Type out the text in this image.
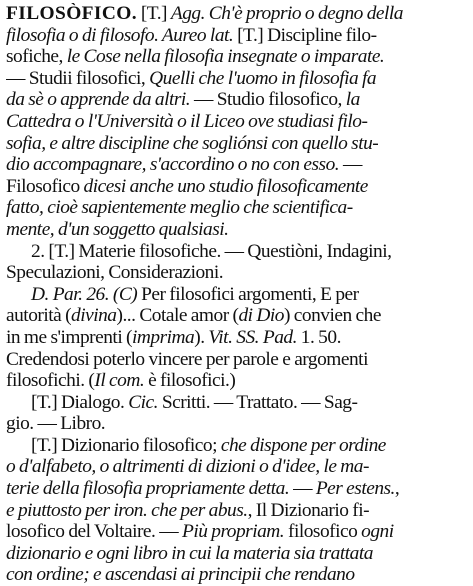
FILOSÒFICO. [T.] Agg. Ch'è proprio o degno della
filosofia o di filosofo. Aureo lat. [T.] Discipline filo-
sofiche, le Cose nella filosofia insegnate o imparate.
— Studii filosofici, Quelli che l'uomo in filosofia fa
da sè o apprende da altri. — Studio filosofico, la
Cattedra o l'Università o il Liceo ove studiasi filo-
sofia, e altre discipline che sogliónsi con quello stu-
dio accompagnare, s'accordino o no con esso. —
Filosofico dicesi anche uno studio filosoficamente
fatto, cioè sapientemente meglio che scientifica-
mente, d'un soggetto qualsiasi.
2. [T.] Materie filosofiche. — Questiòni, Indagini,
Speculazioni, Considerazioni.
D. Par. 26. (C) Per filosofici argomenti, E per
autorità (divina)... Cotale amor (di Dio) convien che
in me s'imprenti (imprima). Vit. SS. Pad. 1. 50.
Credendosi poterlo vincere per parole e argomenti
filosofichi. (Il com. è filosofici.)
[T.] Dialogo. Cic. Scritti. — Trattato. — Sag-
gio. — Libro.
[T.] Dizionario filosofico; che dispone per ordine
o d'alfabeto, o altrimenti di dizioni o d'idee, le ma-
terie della filosofia propriamente detta. — Per estens.,
e piuttosto per iron. che per abus., Il Dizionario fi-
losofico del Voltaire. — Più propriam. filosofico ogni
dizionario e ogni libro in cui la materia sia trattata
con ordine; e ascendasi ai principii che rendano
